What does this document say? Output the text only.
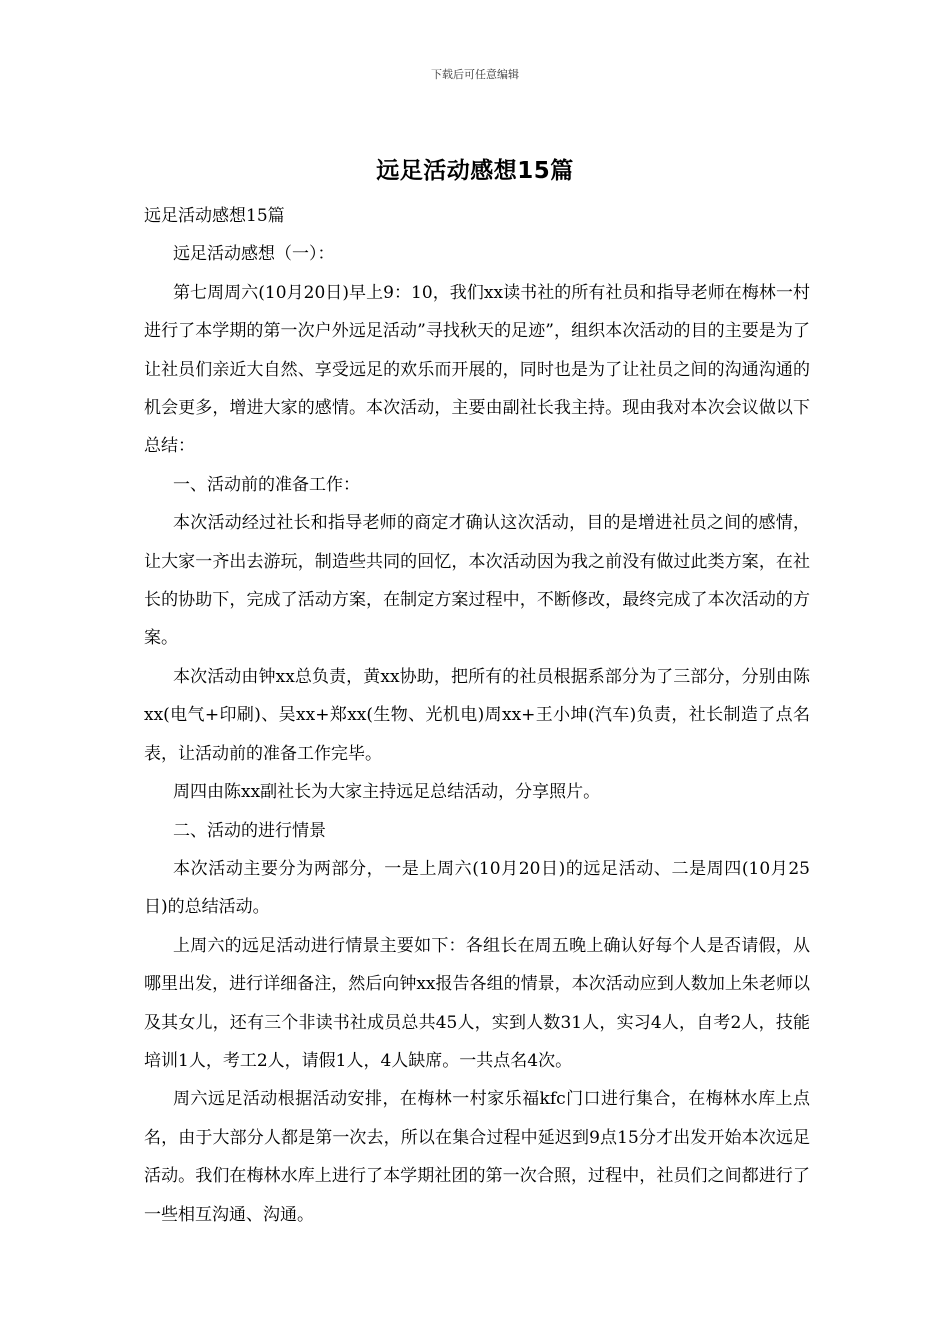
下载后可任意编辑
远足活动感想15篇

远足活动感想15篇

远足活动感想（一）：

第七周周六(10月20日)早上9：10，我们xx读书社的所有社员和指导老师在梅林一村进行了本学期的第一次户外远足活动”寻找秋天的足迹”，组织本次活动的目的主要是为了让社员们亲近大自然、享受远足的欢乐而开展的，同时也是为了让社员之间的沟通沟通的机会更多，增进大家的感情。本次活动，主要由副社长我主持。现由我对本次会议做以下总结：

一、活动前的准备工作：

本次活动经过社长和指导老师的商定才确认这次活动，目的是增进社员之间的感情，让大家一齐出去游玩，制造些共同的回忆，本次活动因为我之前没有做过此类方案，在社长的协助下，完成了活动方案，在制定方案过程中，不断修改，最终完成了本次活动的方案。

本次活动由钟xx总负责，黄xx协助，把所有的社员根据系部分为了三部分，分别由陈xx(电气+印刷)、吴xx+郑xx(生物、光机电)周xx+王小坤(汽车)负责，社长制造了点名表，让活动前的准备工作完毕。

周四由陈xx副社长为大家主持远足总结活动，分享照片。

二、活动的进行情景

本次活动主要分为两部分，一是上周六(10月20日)的远足活动、二是周四(10月25日)的总结活动。

上周六的远足活动进行情景主要如下：各组长在周五晚上确认好每个人是否请假，从哪里出发，进行详细备注，然后向钟xx报告各组的情景，本次活动应到人数加上朱老师以及其女儿，还有三个非读书社成员总共45人，实到人数31人，实习4人，自考2人，技能培训1人，考工2人，请假1人，4人缺席。一共点名4次。

周六远足活动根据活动安排，在梅林一村家乐福kfc门口进行集合，在梅林水库上点名，由于大部分人都是第一次去，所以在集合过程中延迟到9点15分才出发开始本次远足活动。我们在梅林水库上进行了本学期社团的第一次合照，过程中，社员们之间都进行了一些相互沟通、沟通。
